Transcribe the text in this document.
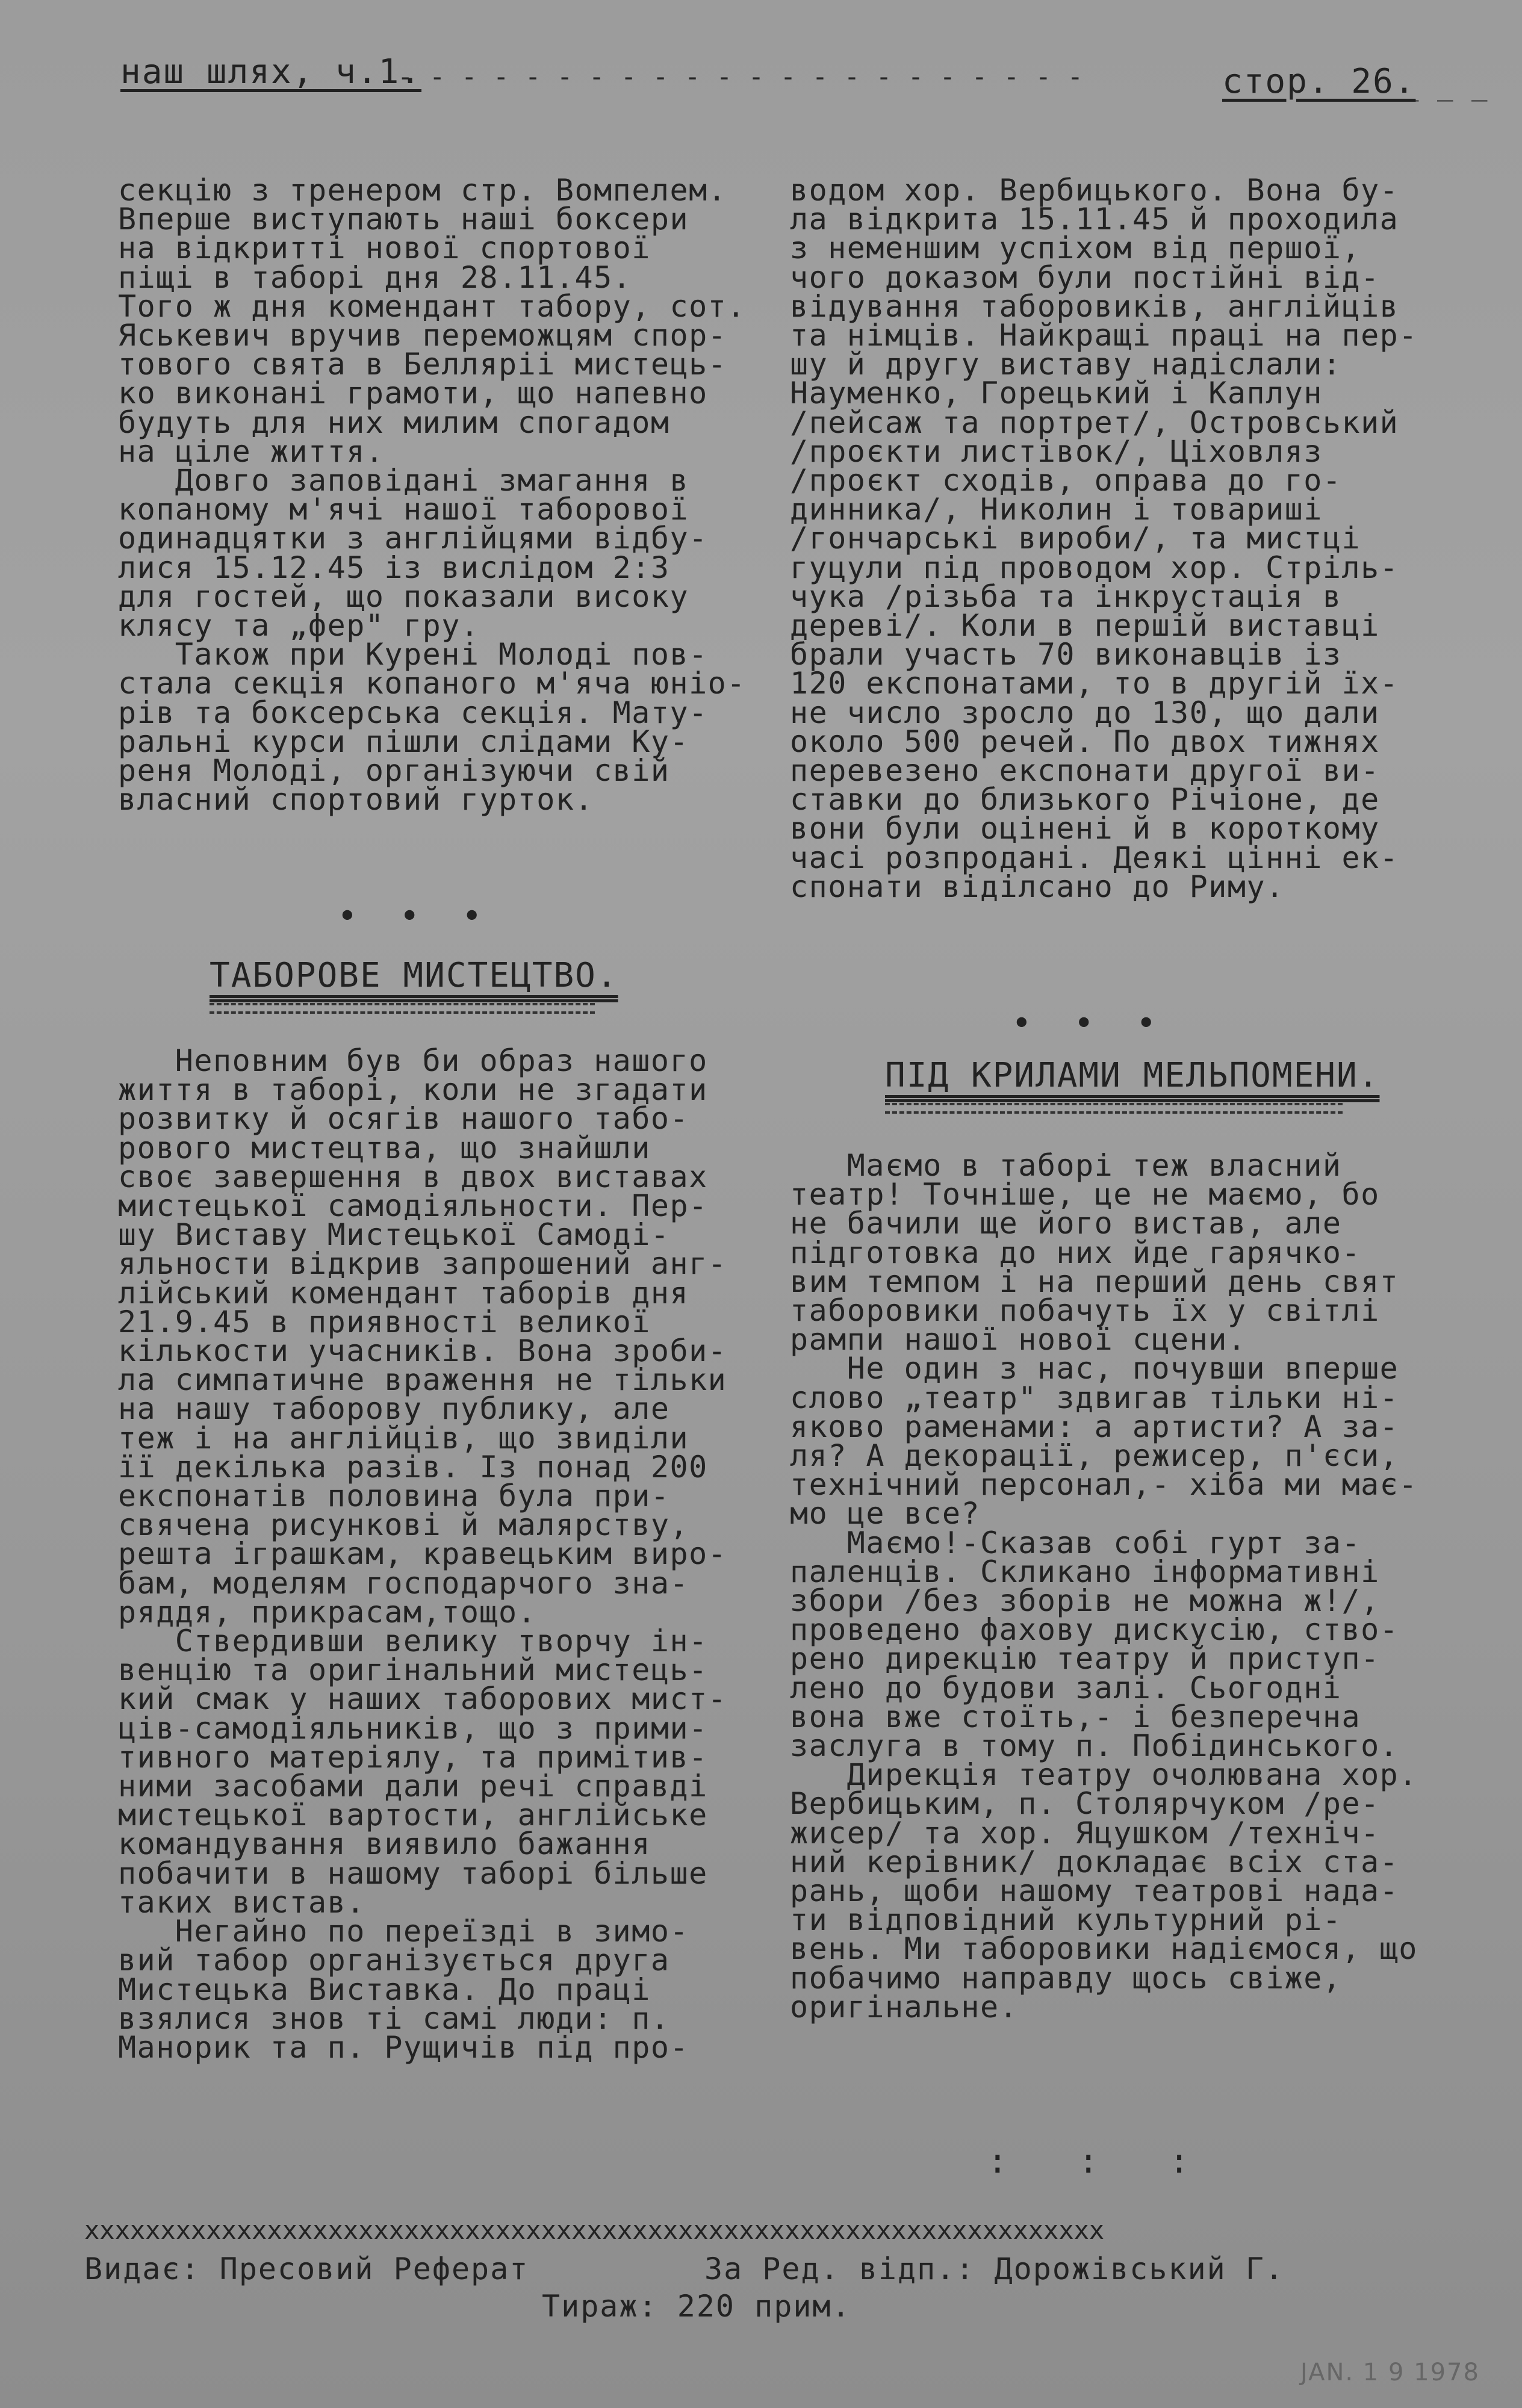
наш шлях, ч.1.
- - - - - - - - - - - - - - - - - - - - - -	стор. 26.
_ _ _

секцію з тренером стр. Вомпелем.
Вперше виступають наші боксери
на відкритті нової спортової
піщі в таборі дня 28.11.45.
Того ж дня комендант табору, сот.
Яськевич вручив переможцям спор-
тового свята в Белляріі мистець-
ко виконані грамоти, що напевно
будуть для них милим спогадом
на ціле життя.

Довго заповідані змагання в
копаному м'ячі нашої таборової
одинадцятки з англійцями відбу-
лися 15.12.45 із вислідом 2:3
для гостей, що показали високу
клясу та „фер" гру.

Також при Курені Молоді пов-
стала секція копаного м'яча юніо-
рів та боксерська секція. Мату-
ральні курси пішли слідами Ку-
реня Молоді, організуючи свій
власний спортовий гурток.

• • •
ТАБОРОВЕ МИСТЕЦТВО.

Неповним був би образ нашого
життя в таборі, коли не згадати
розвитку й осягів нашого табо-
рового мистецтва, що знайшли
своє завершення в двох виставах
мистецької самодіяльности. Пер-
шу Виставу Мистецької Самоді-
яльности відкрив запрошений анг-
лійський комендант таборів дня
21.9.45 в приявності великої
кількости учасників. Вона зроби-
ла симпатичне враження не тільки
на нашу таборову публику, але
теж і на англійців, що звиділи
її декілька разів. Із понад 200
експонатів половина була при-
свячена рисункові й малярству,
решта іграшкам, кравецьким виро-
бам, моделям господарчого зна-
ряддя, прикрасам,тощо.

Ствердивши велику творчу ін-
венцію та оригінальний мистець-
кий смак у наших таборових мист-
ців-самодіяльників, що з прими-
тивного матеріялу, та примітив-
ними засобами дали речі справді
мистецької вартости, англійське
командування виявило бажання
побачити в нашому таборі більше
таких вистав.

Негайно по переїзді в зимо-
вий табор організується друга
Мистецька Виставка. До праці
взялися знов ті самі люди: п.
Манорик та п. Рущичів під про-

водом хор. Вербицького. Вона бу-
ла відкрита 15.11.45 й проходила
з неменшим успіхом від першої,
чого доказом були постійні від-
відування таборовиків, англійців
та німців. Найкращі праці на пер-
шу й другу виставу надіслали:
Науменко, Горецький і Каплун
/пейсаж та портрет/, Островський
/проєкти листівок/, Ціховляз
/проєкт сходів, оправа до го-
динника/, Николин і товариші
/гончарські вироби/, та мистці
гуцули під проводом хор. Стріль-
чука /різьба та інкрустація в
дереві/. Коли в першій виставці
брали участь 70 виконавців із
120 експонатами, то в другій їх-
не число зросло до 130, що дали
около 500 речей. По двох тижнях
перевезено експонати другої ви-
ставки до близького Річіоне, де
вони були оцінені й в короткому
часі розпродані. Деякі цінні ек-
спонати віділсано до Риму.

• • •
ПІД КРИЛАМИ МЕЛЬПОМЕНИ.

Маємо в таборі теж власний
театр! Точніше, це не маємо, бо
не бачили ще його вистав, але
підготовка до них йде гарячко-
вим темпом і на перший день свят
таборовики побачуть їх у світлі
рампи нашої нової сцени.

Не один з нас, почувши вперше
слово „театр" здвигав тільки ні-
яково раменами: а артисти? А за-
ля? А декорації, режисер, п'єси,
технічний персонал,- хіба ми має-
мо це все?

Маємо!-Сказав собі гурт за-
паленців. Скликано інформативні
збори /без зборів не можна ж!/,
проведено фахову дискусію, ство-
рено дирекцію театру й приступ-
лено до будови залі. Сьогодні
вона вже стоїть,- і безперечна
заслуга в тому п. Побідинського.

Дирекція театру очолювана хор.
Вербицьким, п. Столярчуком /ре-
жисер/ та хор. Яцушком /техніч-
ний керівник/ докладає всіх ста-
рань, щоби нашому театрові нада-
ти відповідний культурний рі-
вень. Ми таборовики надіємося, що
побачимо направду щось свіже,
оригінальне.

:   :   :
xxxxxxxxxxxxxxxxxxxxxxxxxxxxxxxxxxxxxxxxxxxxxxxxxxxxxxxxxxxxxxxxxxx
Видає: Пресовий Реферат	За Ред. відп.: Дорожівський Г.
Тираж: 220 прим.
JAN. 1 9 1978
